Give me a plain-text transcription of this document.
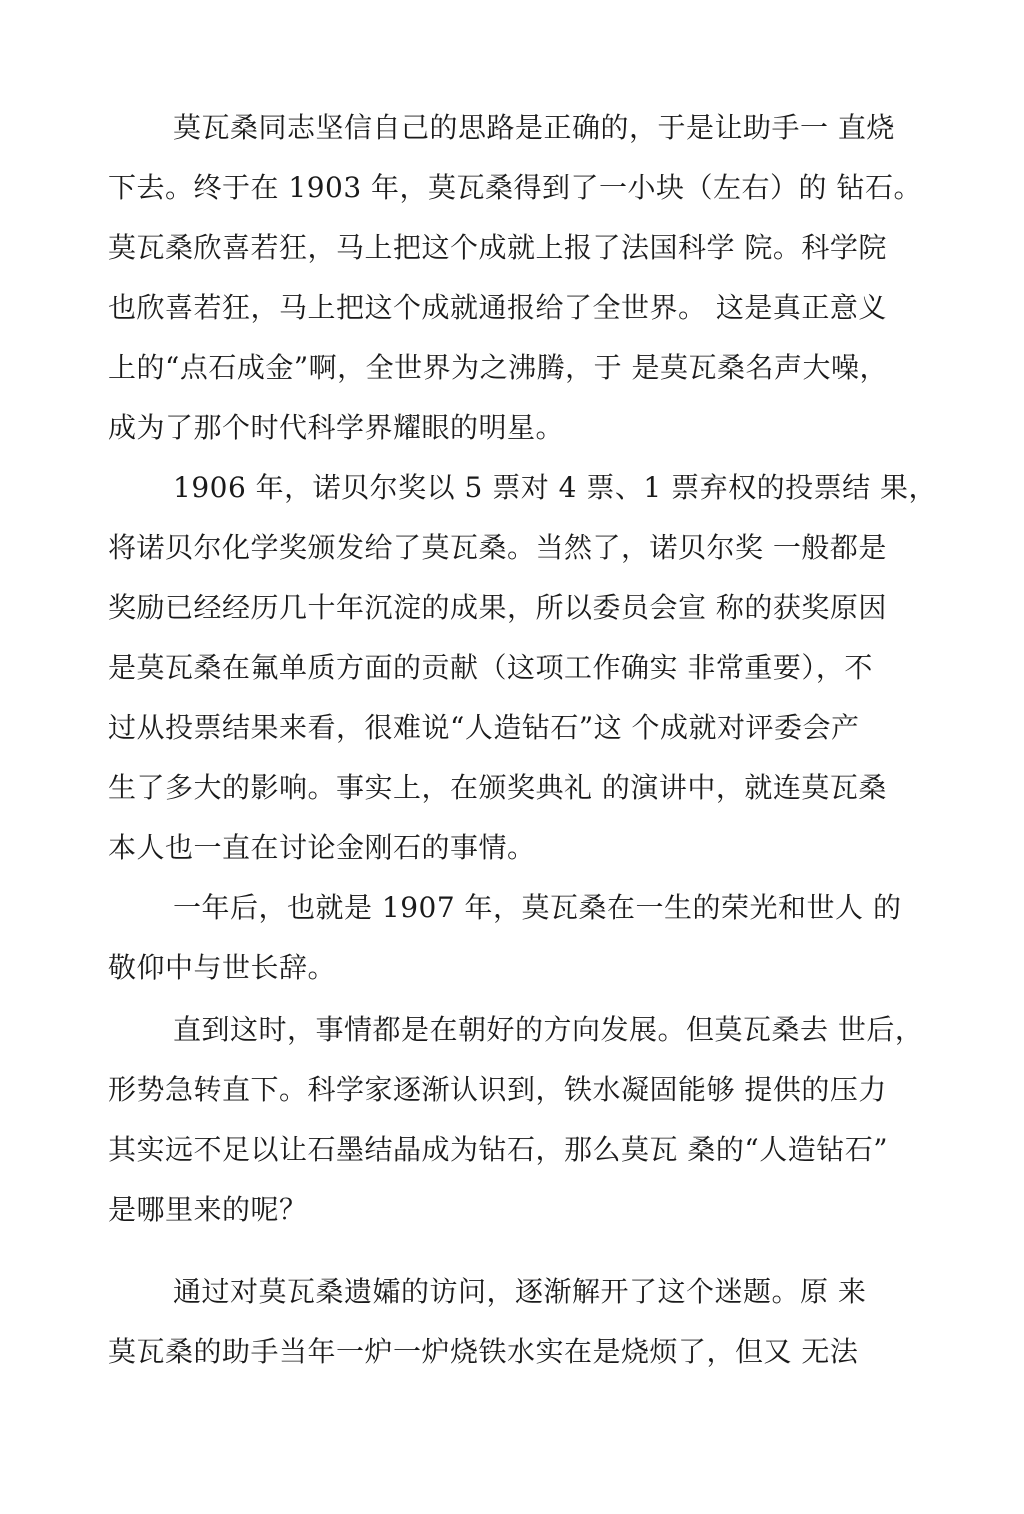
莫瓦桑同志坚信自己的思路是正确的，于是让助手一 直烧
下去。终于在 1903 年，莫瓦桑得到了一小块（左右）的 钻石。
莫瓦桑欣喜若狂，马上把这个成就上报了法国科学 院。科学院
也欣喜若狂，马上把这个成就通报给了全世界。 这是真正意义
上的“点石成金”啊，全世界为之沸腾，于 是莫瓦桑名声大噪，
成为了那个时代科学界耀眼的明星。
1906 年，诺贝尔奖以 5 票对 4 票、1 票弃权的投票结 果，
将诺贝尔化学奖颁发给了莫瓦桑。当然了，诺贝尔奖 一般都是
奖励已经经历几十年沉淀的成果，所以委员会宣 称的获奖原因
是莫瓦桑在氟单质方面的贡献（这项工作确实 非常重要），不
过从投票结果来看，很难说“人造钻石”这 个成就对评委会产
生了多大的影响。事实上，在颁奖典礼 的演讲中，就连莫瓦桑
本人也一直在讨论金刚石的事情。
一年后，也就是 1907 年，莫瓦桑在一生的荣光和世人 的
敬仰中与世长辞。
直到这时，事情都是在朝好的方向发展。但莫瓦桑去 世后，
形势急转直下。科学家逐渐认识到，铁水凝固能够 提供的压力
其实远不足以让石墨结晶成为钻石，那么莫瓦 桑的“人造钻石”
是哪里来的呢？
通过对莫瓦桑遗孀的访问，逐渐解开了这个迷题。原 来
莫瓦桑的助手当年一炉一炉烧铁水实在是烧烦了，但又 无法
